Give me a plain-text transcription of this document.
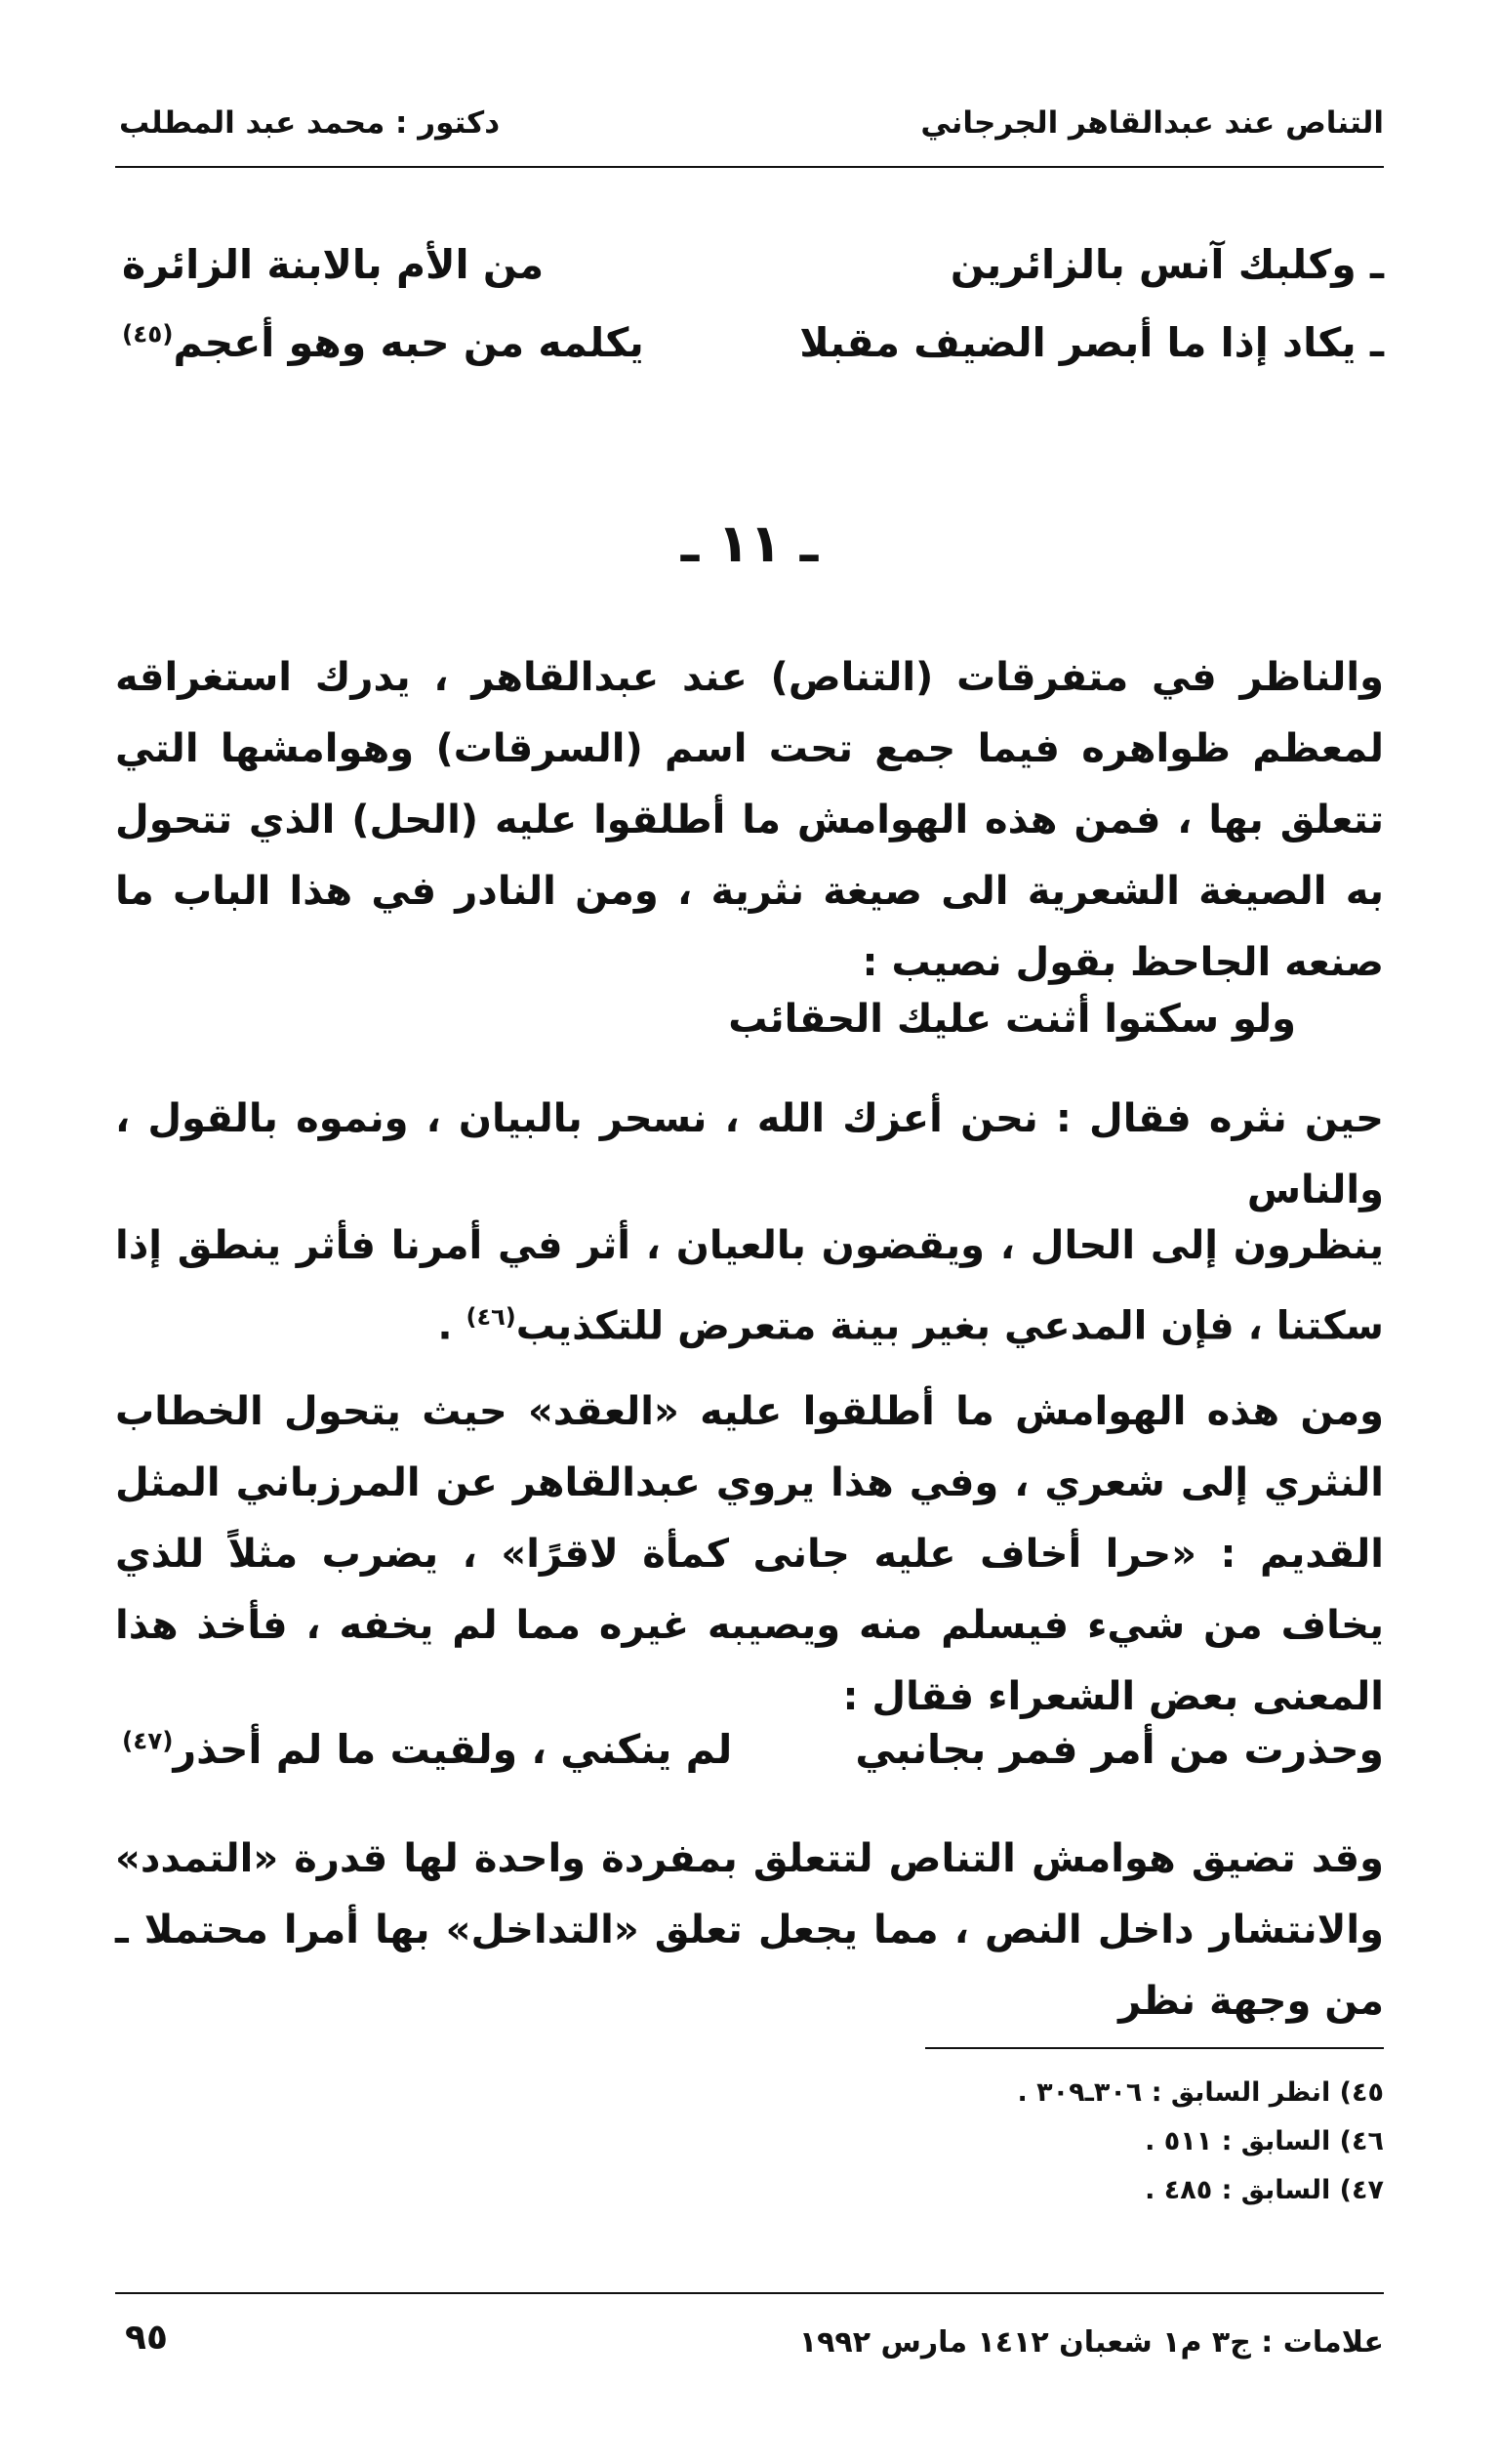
التناص عند عبدالقاهر الجرجاني
دكتور : محمد عبد المطلب
ـ وكلبك آنس بالزائرين
من الأم بالابنة الزائرة
ـ يكاد إذا ما أبصر الضيف مقبلا
يكلمه من حبه وهو أعجم$^{(٤٥)}$
ـ ١١ ـ
والناظر في متفرقات (التناص) عند عبدالقاهر ، يدرك استغراقه لمعظم ظواهره فيما جمع تحت اسم (السرقات) وهوامشها التي تتعلق بها ، فمن هذه الهوامش ما أطلقوا عليه (الحل) الذي تتحول به الصيغة الشعرية الى صيغة نثرية ، ومن النادر في هذا الباب ما صنعه الجاحظ بقول نصيب :
ولو سكتوا أثنت عليك الحقائب
حين نثره فقال : نحن أعزك الله ، نسحر بالبيان ، ونموه بالقول ، والناس
ينظرون إلى الحال ، ويقضون بالعيان ، أثر في أمرنا فأثر ينطق إذا سكتنا ، فإن المدعي بغير بينة متعرض للتكذيب$^{(٤٦)}$ .
ومن هذه الهوامش ما أطلقوا عليه «العقد» حيث يتحول الخطاب النثري إلى شعري ، وفي هذا يروي عبدالقاهر عن المرزباني المثل القديم : «حرا أخاف عليه جانى كمأة لاقرًا» ، يضرب مثلاً للذي يخاف من شيء فيسلم منه ويصيبه غيره مما لم يخفه ، فأخذ هذا المعنى بعض الشعراء فقال :
وحذرت من أمر فمر بجانبي
لم ينكني ، ولقيت ما لم أحذر$^{(٤٧)}$
وقد تضيق هوامش التناص لتتعلق بمفردة واحدة لها قدرة «التمدد» والانتشار داخل النص ، مما يجعل تعلق «التداخل» بها أمرا محتملا ـ من وجهة نظر
٤٥) انظر السابق : ٣٠٦ـ٣٠٩ .
٤٦) السابق : ٥١١ .
٤٧) السابق : ٤٨٥ .
علامات : ج٣ م١ شعبان ١٤١٢ مارس ١٩٩٢
٩٥
